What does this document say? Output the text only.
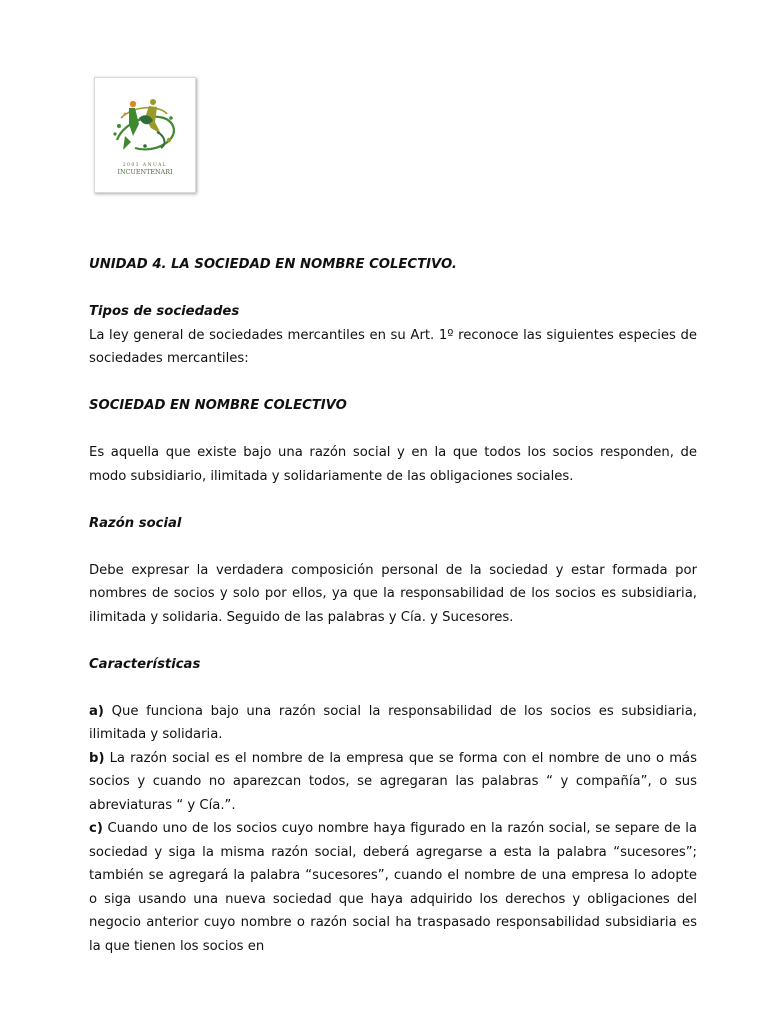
2003 ANUAL
INCUENTENARI

UNIDAD 4. LA SOCIEDAD EN NOMBRE COLECTIVO.

Tipos de sociedades

La ley general de sociedades mercantiles en su Art. 1º reconoce las siguientes especies de sociedades mercantiles:

SOCIEDAD EN NOMBRE COLECTIVO

Es aquella que existe bajo una razón social y en la que todos los socios responden, de modo subsidiario, ilimitada y solidariamente de las obligaciones sociales.

Razón social

Debe expresar la verdadera composición personal de la sociedad y estar formada por nombres de socios y solo por ellos, ya que la responsabilidad de los socios es subsidiaria, ilimitada y solidaria. Seguido de las palabras y Cía. y Sucesores.

Características

a) Que funciona bajo una razón social la responsabilidad de los socios es subsidiaria, ilimitada y solidaria.

b) La razón social es el nombre de la empresa que se forma con el nombre de uno o más socios y cuando no aparezcan todos, se agregaran las palabras “ y compañía”, o sus abreviaturas “ y Cía.”.

c) Cuando uno de los socios cuyo nombre haya figurado en la razón social, se separe de la sociedad y siga la misma razón social, deberá agregarse a esta la palabra “sucesores”; también se agregará la palabra “sucesores”, cuando el nombre de una empresa lo adopte o siga usando una nueva sociedad que haya adquirido los derechos y obligaciones del negocio anterior cuyo nombre o razón social ha traspasado responsabilidad subsidiaria es la que tienen los socios en
